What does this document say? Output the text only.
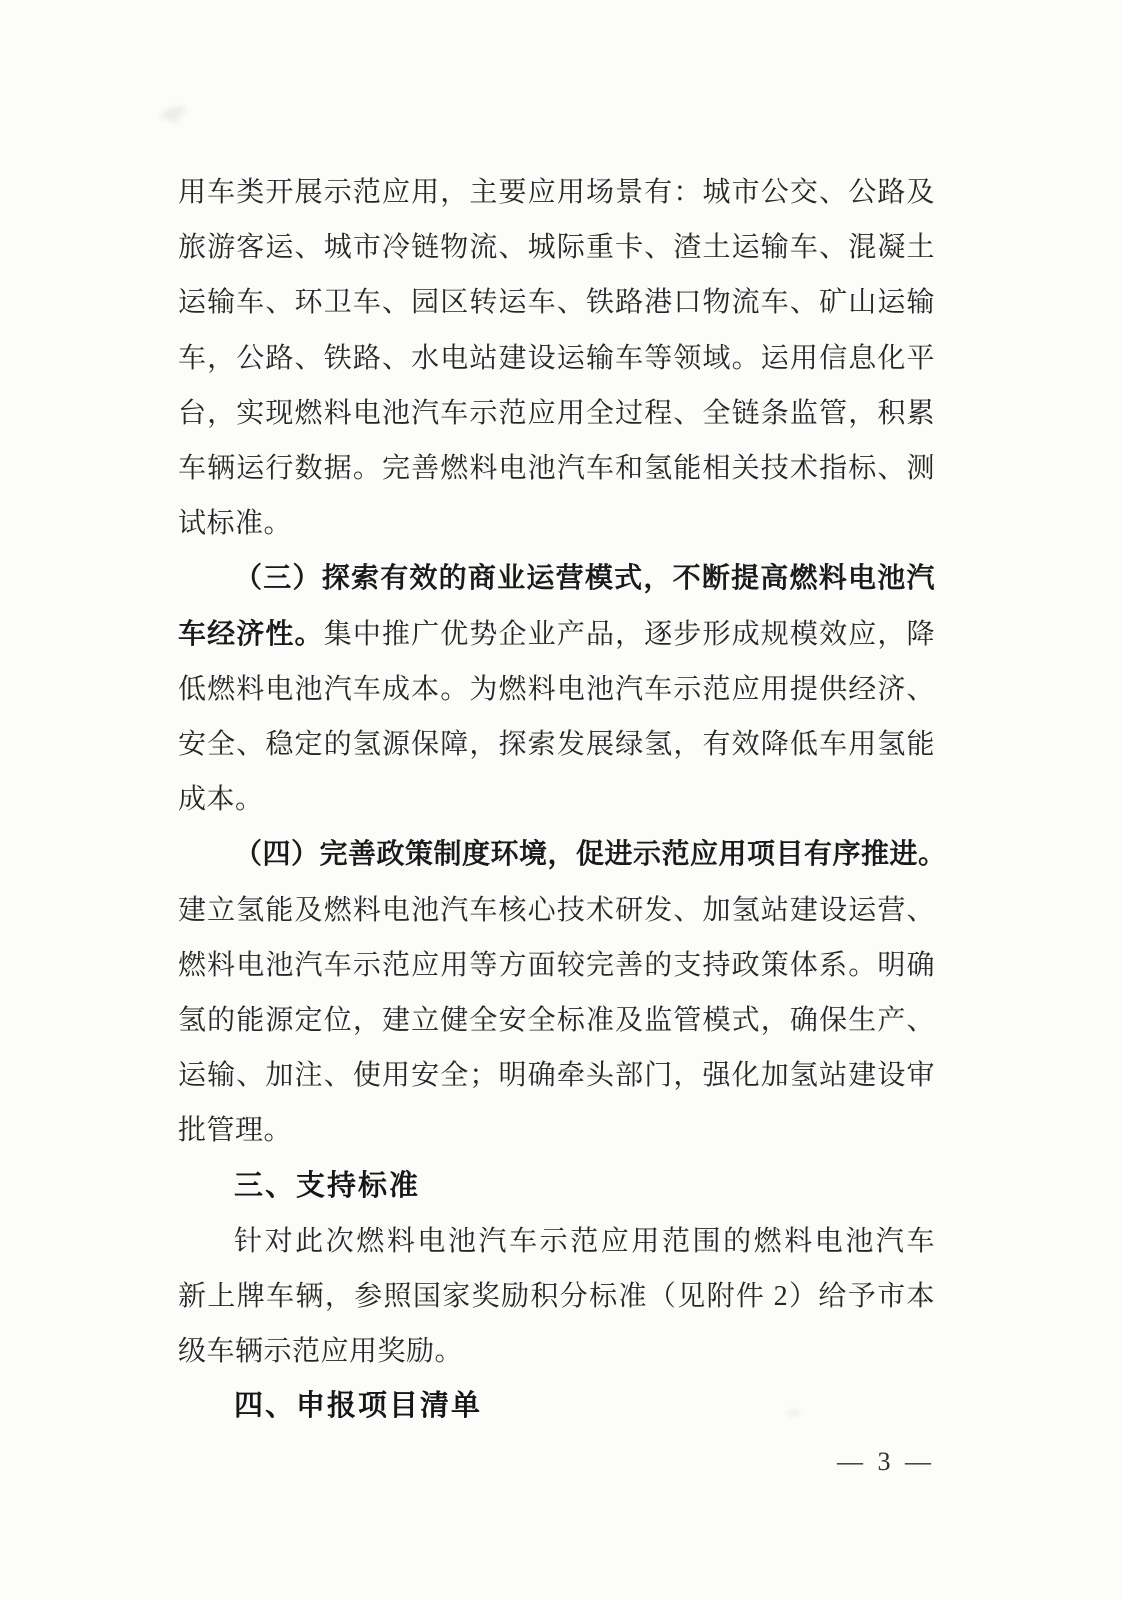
用车类开展示范应用，主要应用场景有：城市公交、公路及
旅游客运、城市冷链物流、城际重卡、渣土运输车、混凝土
运输车、环卫车、园区转运车、铁路港口物流车、矿山运输
车，公路、铁路、水电站建设运输车等领域。运用信息化平
台，实现燃料电池汽车示范应用全过程、全链条监管，积累
车辆运行数据。完善燃料电池汽车和氢能相关技术指标、测
试标准。
（三）探索有效的商业运营模式，不断提高燃料电池汽
车经济性。集中推广优势企业产品，逐步形成规模效应，降
低燃料电池汽车成本。为燃料电池汽车示范应用提供经济、
安全、稳定的氢源保障，探索发展绿氢，有效降低车用氢能
成本。
（四）完善政策制度环境，促进示范应用项目有序推进。
建立氢能及燃料电池汽车核心技术研发、加氢站建设运营、
燃料电池汽车示范应用等方面较完善的支持政策体系。明确
氢的能源定位，建立健全安全标准及监管模式，确保生产、
运输、加注、使用安全；明确牵头部门，强化加氢站建设审
批管理。
三、支持标准
针对此次燃料电池汽车示范应用范围的燃料电池汽车
新上牌车辆，参照国家奖励积分标准（见附件 2）给予市本
级车辆示范应用奖励。
四、申报项目清单
— 3 —
